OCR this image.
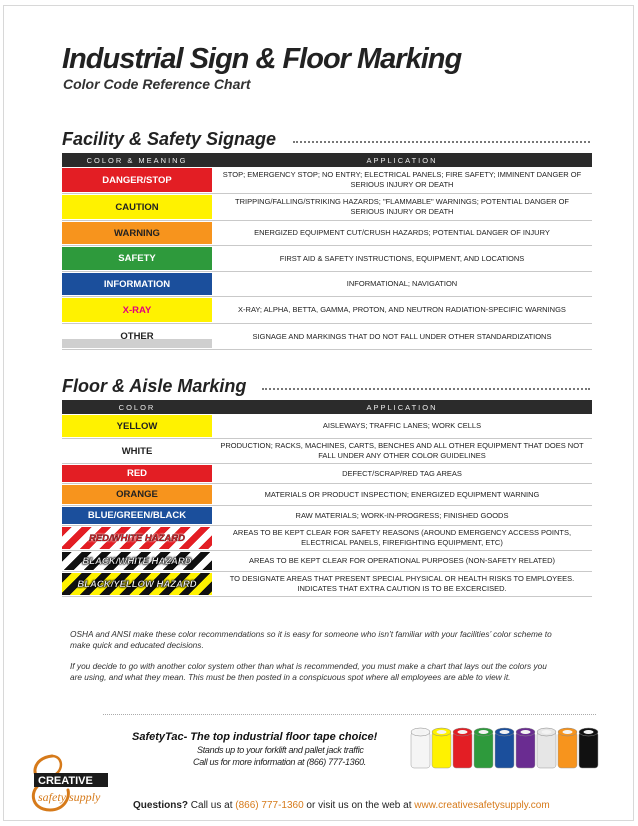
Industrial Sign & Floor Marking
Color Code Reference Chart
Facility & Safety Signage
COLOR & MEANING	APPLICATION
DANGER/STOP	STOP; EMERGENCY STOP; NO ENTRY; ELECTRICAL PANELS; FIRE SAFETY; IMMINENT DANGER OF SERIOUS INJURY OR DEATH
CAUTION	TRIPPING/FALLING/STRIKING HAZARDS; "FLAMMABLE" WARNINGS; POTENTIAL DANGER OF SERIOUS INJURY OR DEATH
WARNING	ENERGIZED EQUIPMENT CUT/CRUSH HAZARDS; POTENTIAL DANGER OF INJURY
SAFETY	FIRST AID & SAFETY INSTRUCTIONS, EQUIPMENT, AND LOCATIONS
INFORMATION	INFORMATIONAL; NAVIGATION
X-RAY	X-RAY; ALPHA, BETTA, GAMMA, PROTON, AND NEUTRON RADIATION-SPECIFIC WARNINGS
OTHER	SIGNAGE AND MARKINGS THAT DO NOT FALL UNDER OTHER STANDARDIZATIONS
Floor & Aisle Marking
COLOR	APPLICATION
YELLOW	AISLEWAYS; TRAFFIC LANES; WORK CELLS
WHITE	PRODUCTION; RACKS, MACHINES, CARTS, BENCHES AND ALL OTHER EQUIPMENT THAT DOES NOT FALL UNDER ANY OTHER COLOR GUIDELINES
RED	DEFECT/SCRAP/RED TAG AREAS
ORANGE	MATERIALS OR PRODUCT INSPECTION; ENERGIZED EQUIPMENT WARNING
BLUE/GREEN/BLACK	RAW MATERIALS; WORK-IN-PROGRESS; FINISHED GOODS
RED/WHITE HAZARD	AREAS TO BE KEPT CLEAR FOR SAFETY REASONS (AROUND EMERGENCY ACCESS POINTS, ELECTRICAL PANELS, FIREFIGHTING EQUIPMENT, ETC)
BLACK/WHITE HAZARD	AREAS TO BE KEPT CLEAR FOR OPERATIONAL PURPOSES (NON-SAFETY RELATED)
BLACK/YELLOW HAZARD	TO DESIGNATE AREAS THAT PRESENT SPECIAL PHYSICAL OR HEALTH RISKS TO EMPLOYEES. INDICATES THAT EXTRA CAUTION IS TO BE EXCERCISED.
OSHA and ANSI make these color recommendations so it is easy for someone who isn’t familiar with your facilities’ color scheme to make quick and educated decisions.
If you decide to go with another color system other than what is recommended, you must make a chart that lays out the colors you are using, and what they mean. This must be then posted in a conspicuous spot where all employees are able to view it.
SafetyTac- The top industrial floor tape choice!
Stands up to your forklift and pallet jack traffic
Call us for more information at (866) 777-1360.
CREATIVE
safety supply
Questions? Call us at (866) 777-1360 or visit us on the web at www.creativesafetysupply.com
